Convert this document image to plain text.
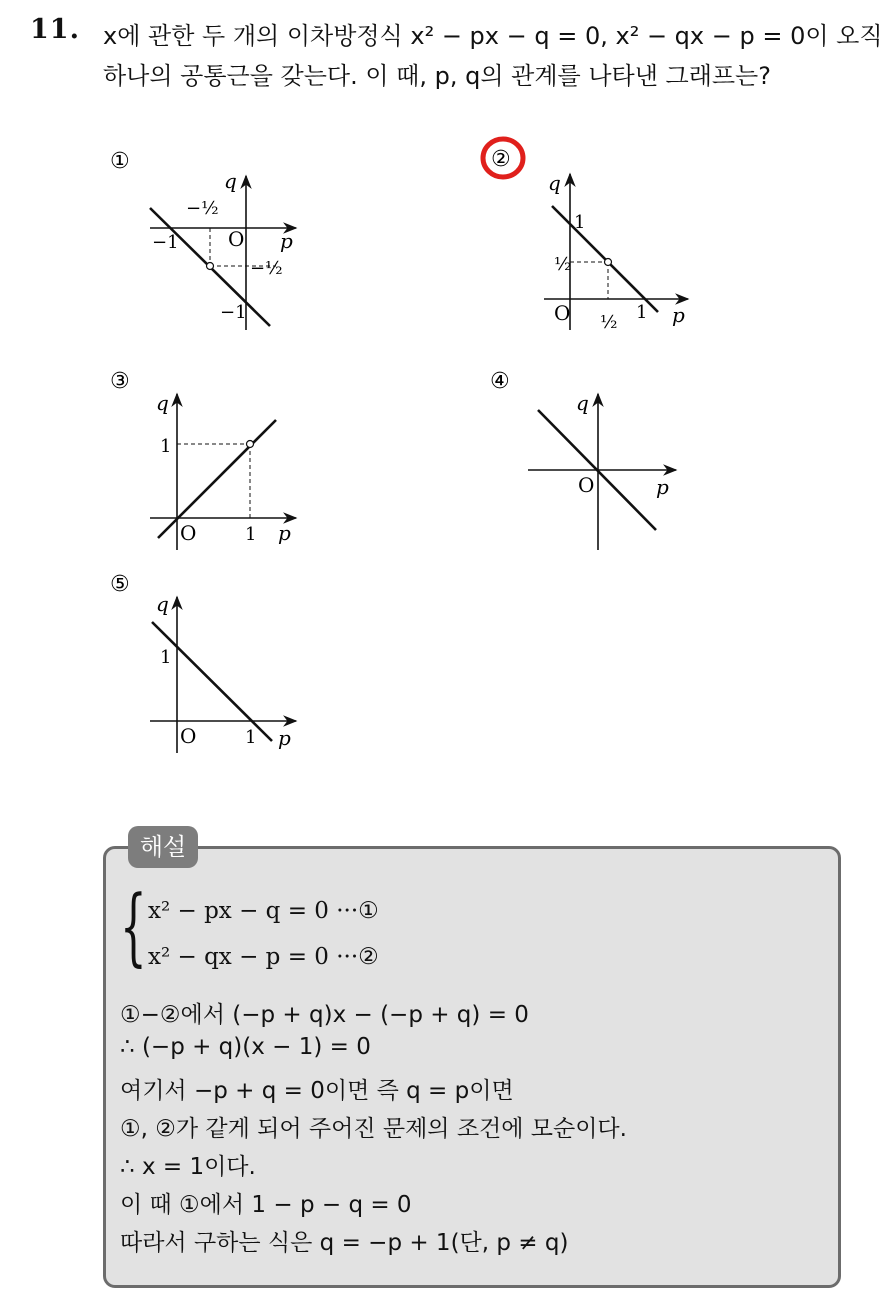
11. x에 관한 두 개의 이차방정식 x² − px − q = 0, x² − qx − p = 0이 오직
하나의 공통근을 갖는다. 이 때, p, q의 관계를 나타낸 그래프는?
①
q
p
O
−1
−1
−½
−½
②
q
p
O
1
1
½
½
③
q
p
O
1
1
④
q
p
O
⑤
q
p
O
1
1
해설
{ x² − px − q = 0 ···①
x² − qx − p = 0 ···②
①−②에서 (−p + q)x − (−p + q) = 0
∴ (−p + q)(x − 1) = 0
여기서 −p + q = 0이면 즉 q = p이면
①, ②가 같게 되어 주어진 문제의 조건에 모순이다.
∴ x = 1이다.
이 때 ①에서 1 − p − q = 0
따라서 구하는 식은 q = −p + 1(단, p ≠ q)
